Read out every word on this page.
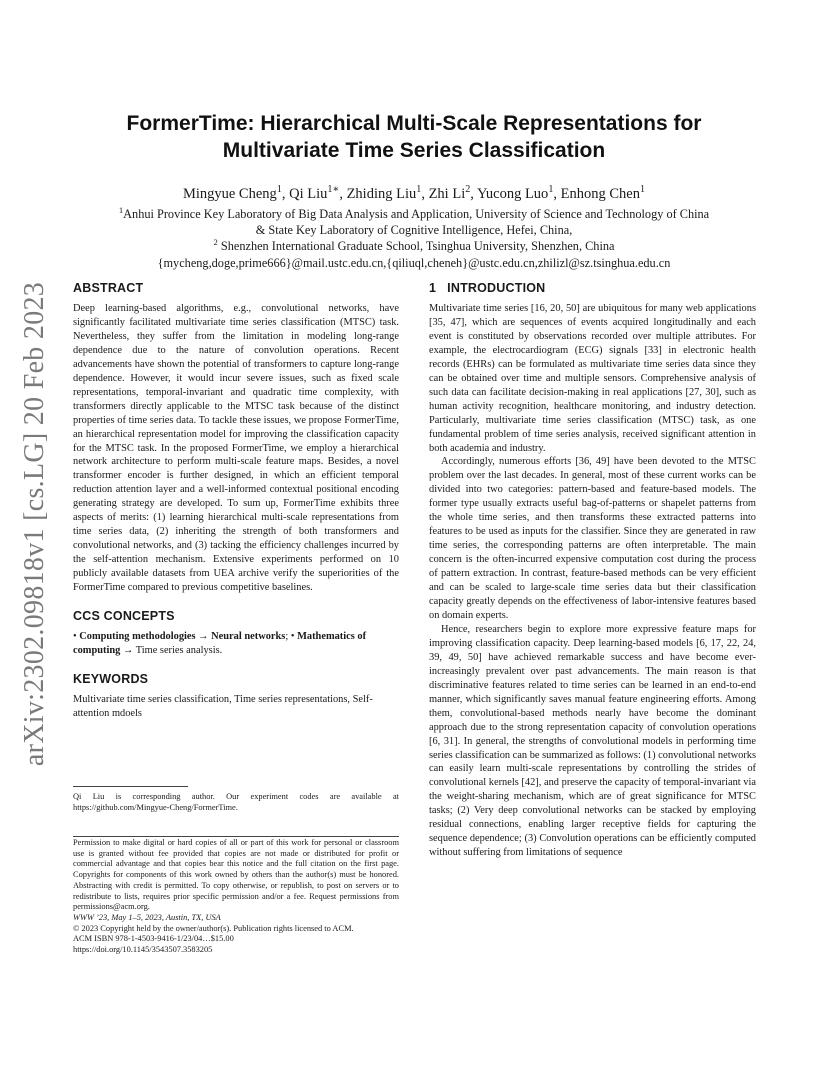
arXiv:2302.09818v1 [cs.LG] 20 Feb 2023
FormerTime: Hierarchical Multi-Scale Representations for
Multivariate Time Series Classification
Mingyue Cheng$^1$, Qi Liu$^{1∗}$, Zhiding Liu$^1$, Zhi Li$^2$, Yucong Luo$^1$, Enhong Chen$^1$
$^1$Anhui Province Key Laboratory of Big Data Analysis and Application, University of Science and Technology of China
& State Key Laboratory of Cognitive Intelligence, Hefei, China,
$^2$ Shenzhen International Graduate School, Tsinghua University, Shenzhen, China
{mycheng,doge,prime666}@mail.ustc.edu.cn,{qiliuql,cheneh}@ustc.edu.cn,zhilizl@sz.tsinghua.edu.cn
ABSTRACT

Deep learning-based algorithms, e.g., convolutional networks, have significantly facilitated multivariate time series classification (MTSC) task. Nevertheless, they suffer from the limitation in modeling long-range dependence due to the nature of convolution operations. Recent advancements have shown the potential of transformers to capture long-range dependence. However, it would incur severe issues, such as fixed scale representations, temporal-invariant and quadratic time complexity, with transformers directly applicable to the MTSC task because of the distinct properties of time series data. To tackle these issues, we propose FormerTime, an hierarchical representation model for improving the classification capacity for the MTSC task. In the proposed FormerTime, we employ a hierarchical network architecture to perform multi-scale feature maps. Besides, a novel transformer encoder is further designed, in which an efficient temporal reduction attention layer and a well-informed contextual positional encoding generating strategy are developed. To sum up, FormerTime exhibits three aspects of merits: (1) learning hierarchical multi-scale representations from time series data, (2) inheriting the strength of both transformers and convolutional networks, and (3) tacking the efficiency challenges incurred by the self-attention mechanism. Extensive experiments performed on 10 publicly available datasets from UEA archive verify the superiorities of the FormerTime compared to previous competitive baselines.

CCS CONCEPTS

• Computing methodologies → Neural networks; • Mathematics of computing → Time series analysis.

KEYWORDS

Multivariate time series classification, Time series representations, Self-attention mdoels

Qi Liu is corresponding author. Our experiment codes are available at https://github.com/Mingyue-Cheng/FormerTime.

Permission to make digital or hard copies of all or part of this work for personal or classroom use is granted without fee provided that copies are not made or distributed for profit or commercial advantage and that copies bear this notice and the full citation on the first page. Copyrights for components of this work owned by others than the author(s) must be honored. Abstracting with credit is permitted. To copy otherwise, or republish, to post on servers or to redistribute to lists, requires prior specific permission and/or a fee. Request permissions from permissions@acm.org.

WWW ’23, May 1–5, 2023, Austin, TX, USA

© 2023 Copyright held by the owner/author(s). Publication rights licensed to ACM.

ACM ISBN 978-1-4503-9416-1/23/04…$15.00

https://doi.org/10.1145/3543507.3583205

1   INTRODUCTION

Multivariate time series [16, 20, 50] are ubiquitous for many web applications [35, 47], which are sequences of events acquired longitudinally and each event is constituted by observations recorded over multiple attributes. For example, the electrocardiogram (ECG) signals [33] in electronic health records (EHRs) can be formulated as multivariate time series data since they can be obtained over time and multiple sensors. Comprehensive analysis of such data can facilitate decision-making in real applications [27, 30], such as human activity recognition, healthcare monitoring, and industry detection. Particularly, multivariate time series classification (MTSC) task, as one fundamental problem of time series analysis, received significant attention in both academia and industry.

Accordingly, numerous efforts [36, 49] have been devoted to the MTSC problem over the last decades. In general, most of these current works can be divided into two categories: pattern-based and feature-based models. The former type usually extracts useful bag-of-patterns or shapelet patterns from the whole time series, and then transforms these extracted patterns into features to be used as inputs for the classifier. Since they are generated in raw time series, the corresponding patterns are often interpretable. The main concern is the often-incurred expensive computation cost during the process of pattern extraction. In contrast, feature-based methods can be very efficient and can be scaled to large-scale time series data but their classification capacity greatly depends on the effectiveness of labor-intensive features based on domain experts.

Hence, researchers begin to explore more expressive feature maps for improving classification capacity. Deep learning-based models [6, 17, 22, 24, 39, 49, 50] have achieved remarkable success and have become ever-increasingly prevalent over past advancements. The main reason is that discriminative features related to time series can be learned in an end-to-end manner, which significantly saves manual feature engineering efforts. Among them, convolutional-based methods nearly have become the dominant approach due to the strong representation capacity of convolution operations [6, 31]. In general, the strengths of convolutional models in performing time series classification can be summarized as follows: (1) convolutional networks can easily learn multi-scale representations by controlling the strides of convolutional kernels [42], and preserve the capacity of temporal-invariant via the weight-sharing mechanism, which are of great significance for MTSC tasks; (2) Very deep convolutional networks can be stacked by employing residual connections, enabling larger receptive fields for capturing the sequence dependence; (3) Convolution operations can be efficiently computed without suffering from limitations of sequence
